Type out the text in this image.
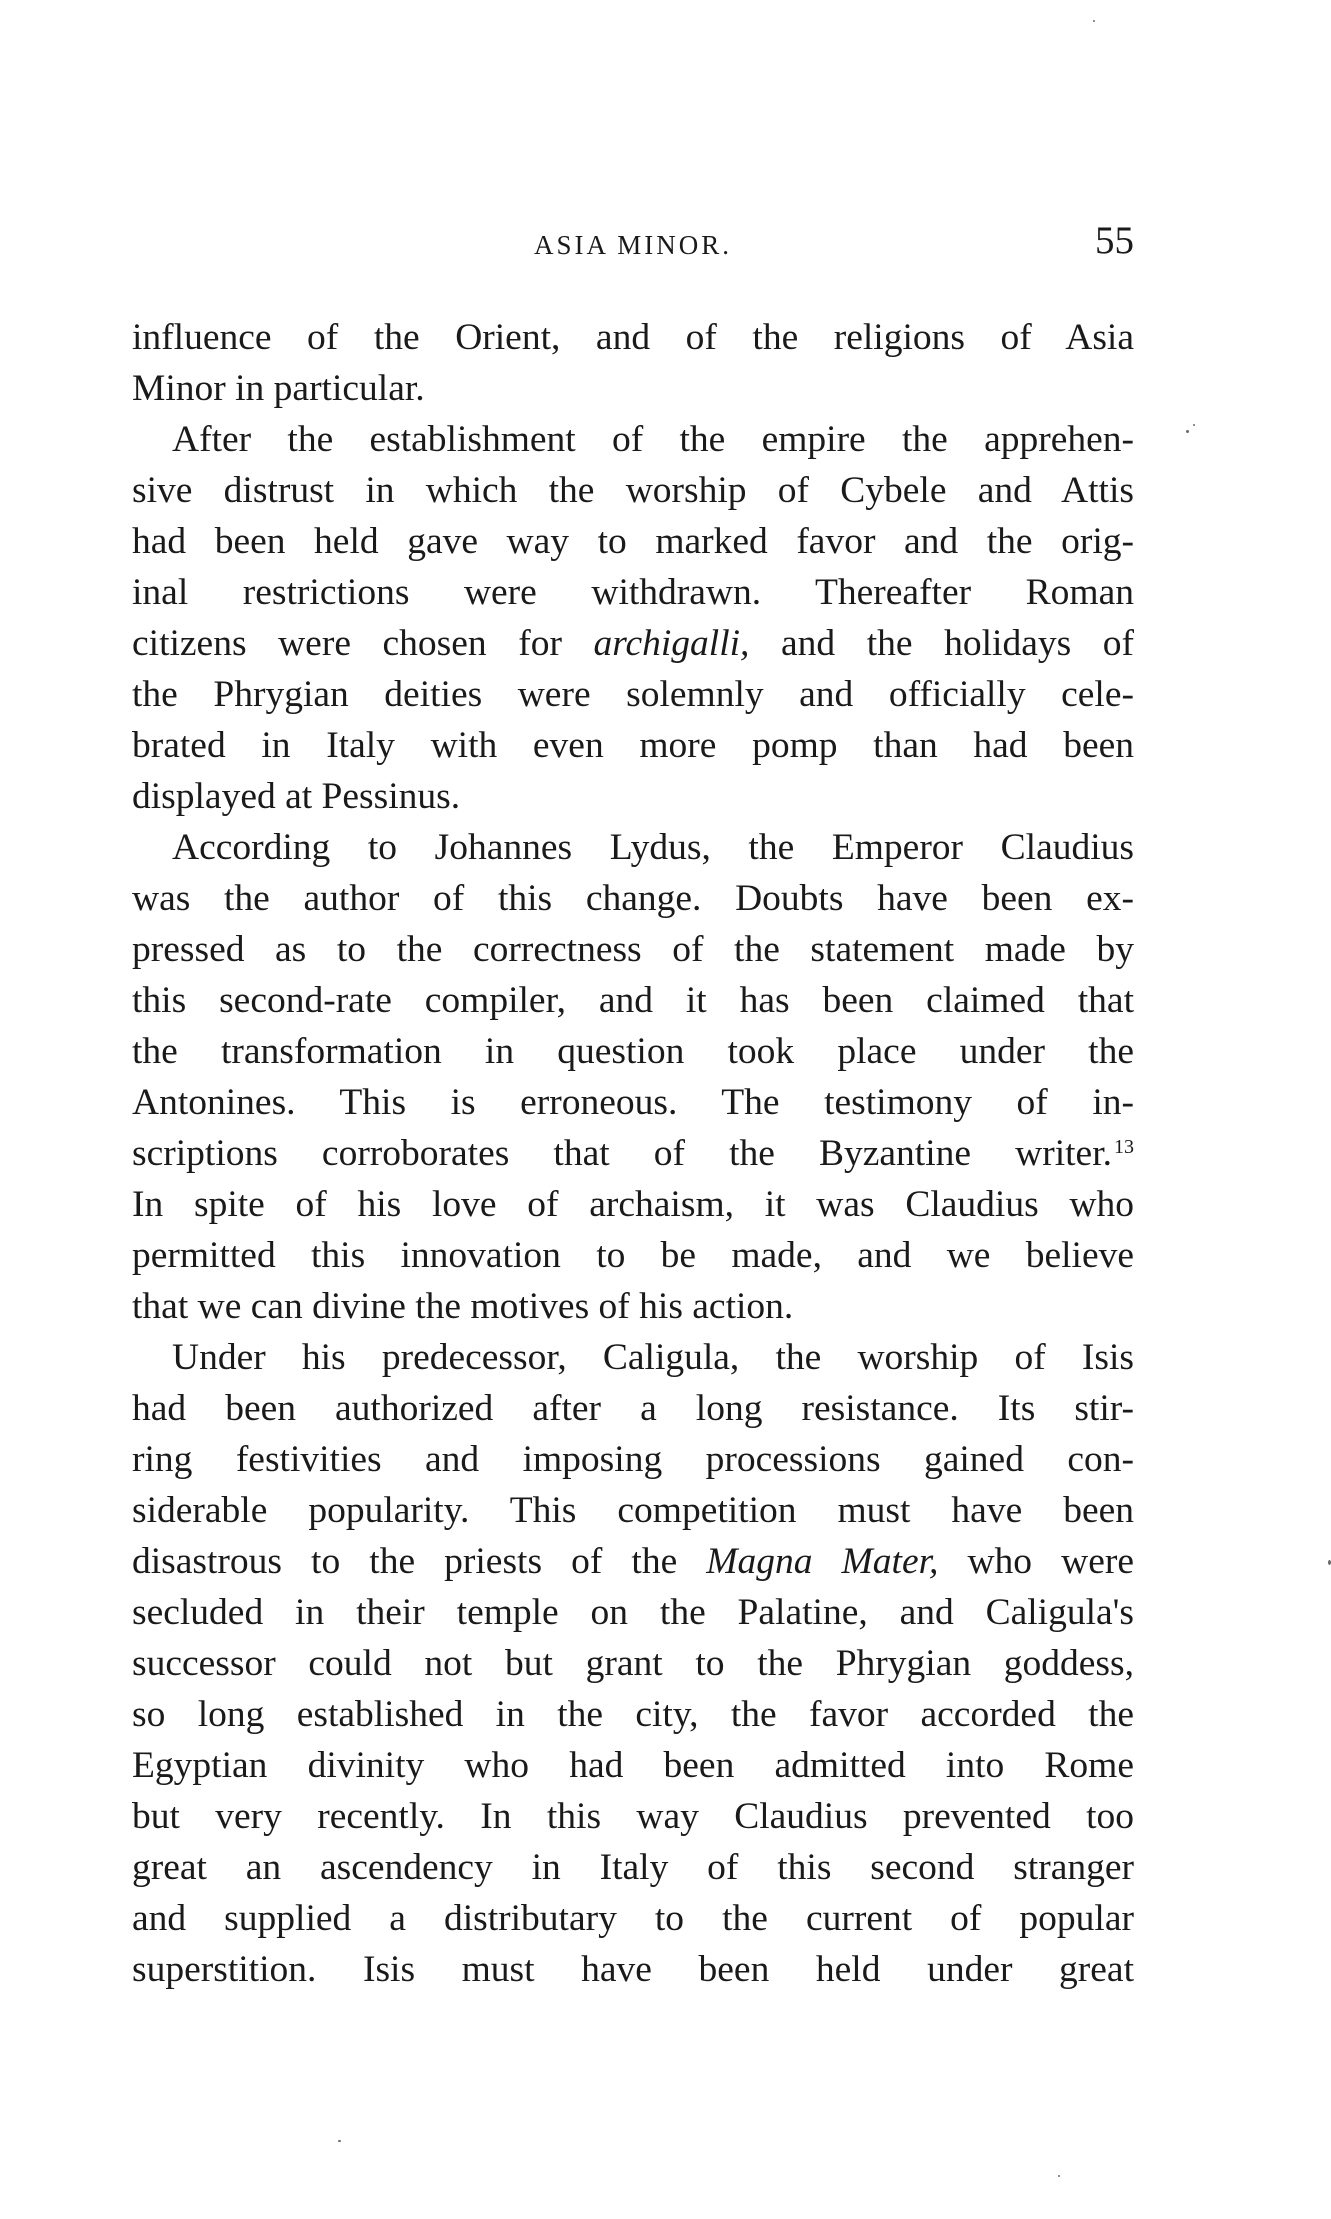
ASIA MINOR.	55
influence of the Orient, and of the religions of Asia
Minor in particular.
After the establishment of the empire the apprehen-
sive distrust in which the worship of Cybele and Attis
had been held gave way to marked favor and the orig-
inal restrictions were withdrawn. Thereafter Roman
citizens were chosen for archigalli, and the holidays of
the Phrygian deities were solemnly and officially cele-
brated in Italy with even more pomp than had been
displayed at Pessinus.
According to Johannes Lydus, the Emperor Claudius
was the author of this change. Doubts have been ex-
pressed as to the correctness of the statement made by
this second-rate compiler, and it has been claimed that
the transformation in question took place under the
Antonines. This is erroneous. The testimony of in-
scriptions corroborates that of the Byzantine writer. $^{13}$
In spite of his love of archaism, it was Claudius who
permitted this innovation to be made, and we believe
that we can divine the motives of his action.
Under his predecessor, Caligula, the worship of Isis
had been authorized after a long resistance. Its stir-
ring festivities and imposing processions gained con-
siderable popularity. This competition must have been
disastrous to the priests of the Magna Mater, who were
secluded in their temple on the Palatine, and Caligula's
successor could not but grant to the Phrygian goddess,
so long established in the city, the favor accorded the
Egyptian divinity who had been admitted into Rome
but very recently. In this way Claudius prevented too
great an ascendency in Italy of this second stranger
and supplied a distributary to the current of popular
superstition. Isis must have been held under great
